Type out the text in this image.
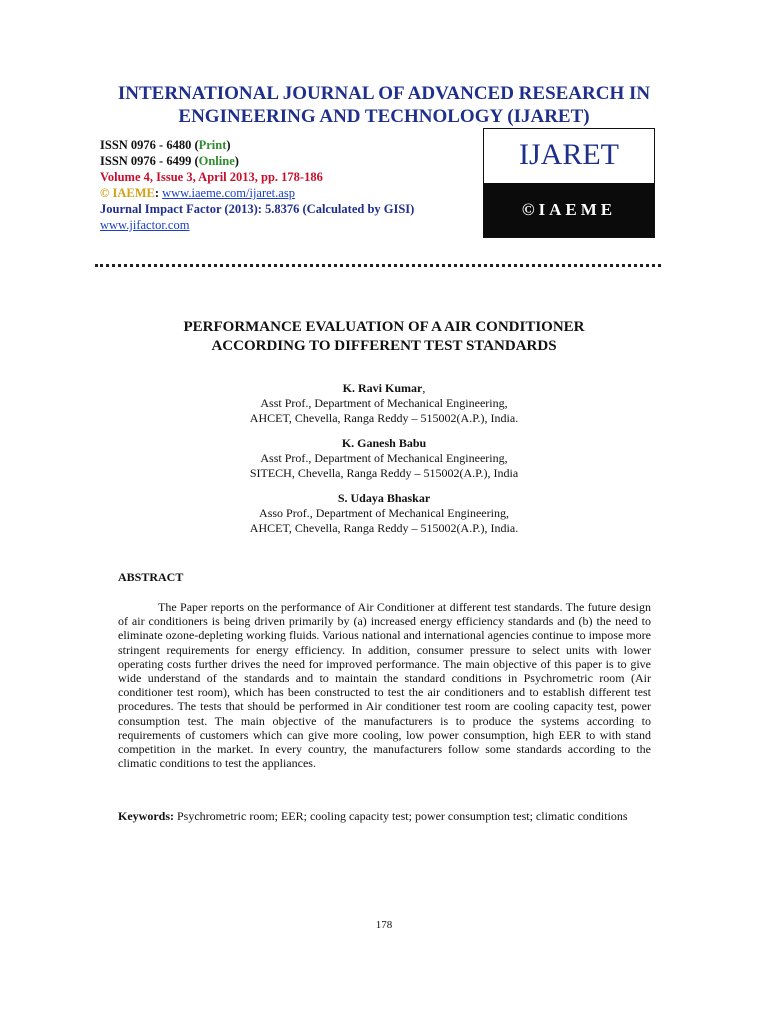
INTERNATIONAL JOURNAL OF ADVANCED RESEARCH IN
ENGINEERING AND TECHNOLOGY (IJARET)
ISSN 0976 - 6480 (Print)
ISSN 0976 - 6499 (Online)
Volume 4, Issue 3, April 2013, pp. 178-186
© IAEME: www.iaeme.com/ijaret.asp
Journal Impact Factor (2013): 5.8376 (Calculated by GISI)
www.jifactor.com
IJARET
©IAEME
PERFORMANCE EVALUATION OF A AIR CONDITIONER
ACCORDING TO DIFFERENT TEST STANDARDS
K. Ravi Kumar,
Asst Prof., Department of Mechanical Engineering,
AHCET, Chevella, Ranga Reddy – 515002(A.P.), India.
K. Ganesh Babu
Asst Prof., Department of Mechanical Engineering,
SITECH, Chevella, Ranga Reddy – 515002(A.P.), India
S. Udaya Bhaskar
Asso Prof., Department of Mechanical Engineering,
AHCET, Chevella, Ranga Reddy – 515002(A.P.), India.
ABSTRACT

The Paper reports on the performance of Air Conditioner at different test standards. The future design of air conditioners is being driven primarily by (a) increased energy efficiency standards and (b) the need to eliminate ozone-depleting working fluids. Various national and international agencies continue to impose more stringent requirements for energy efficiency. In addition, consumer pressure to select units with lower operating costs further drives the need for improved performance. The main objective of this paper is to give wide understand of the standards and to maintain the standard conditions in Psychrometric room (Air conditioner test room), which has been constructed to test the air conditioners and to establish different test procedures. The tests that should be performed in Air conditioner test room are cooling capacity test, power consumption test. The main objective of the manufacturers is to produce the systems according to requirements of customers which can give more cooling, low power consumption, high EER to with stand competition in the market. In every country, the manufacturers follow some standards according to the climatic conditions to test the appliances.

Keywords: Psychrometric room; EER; cooling capacity test; power consumption test; climatic conditions
178
